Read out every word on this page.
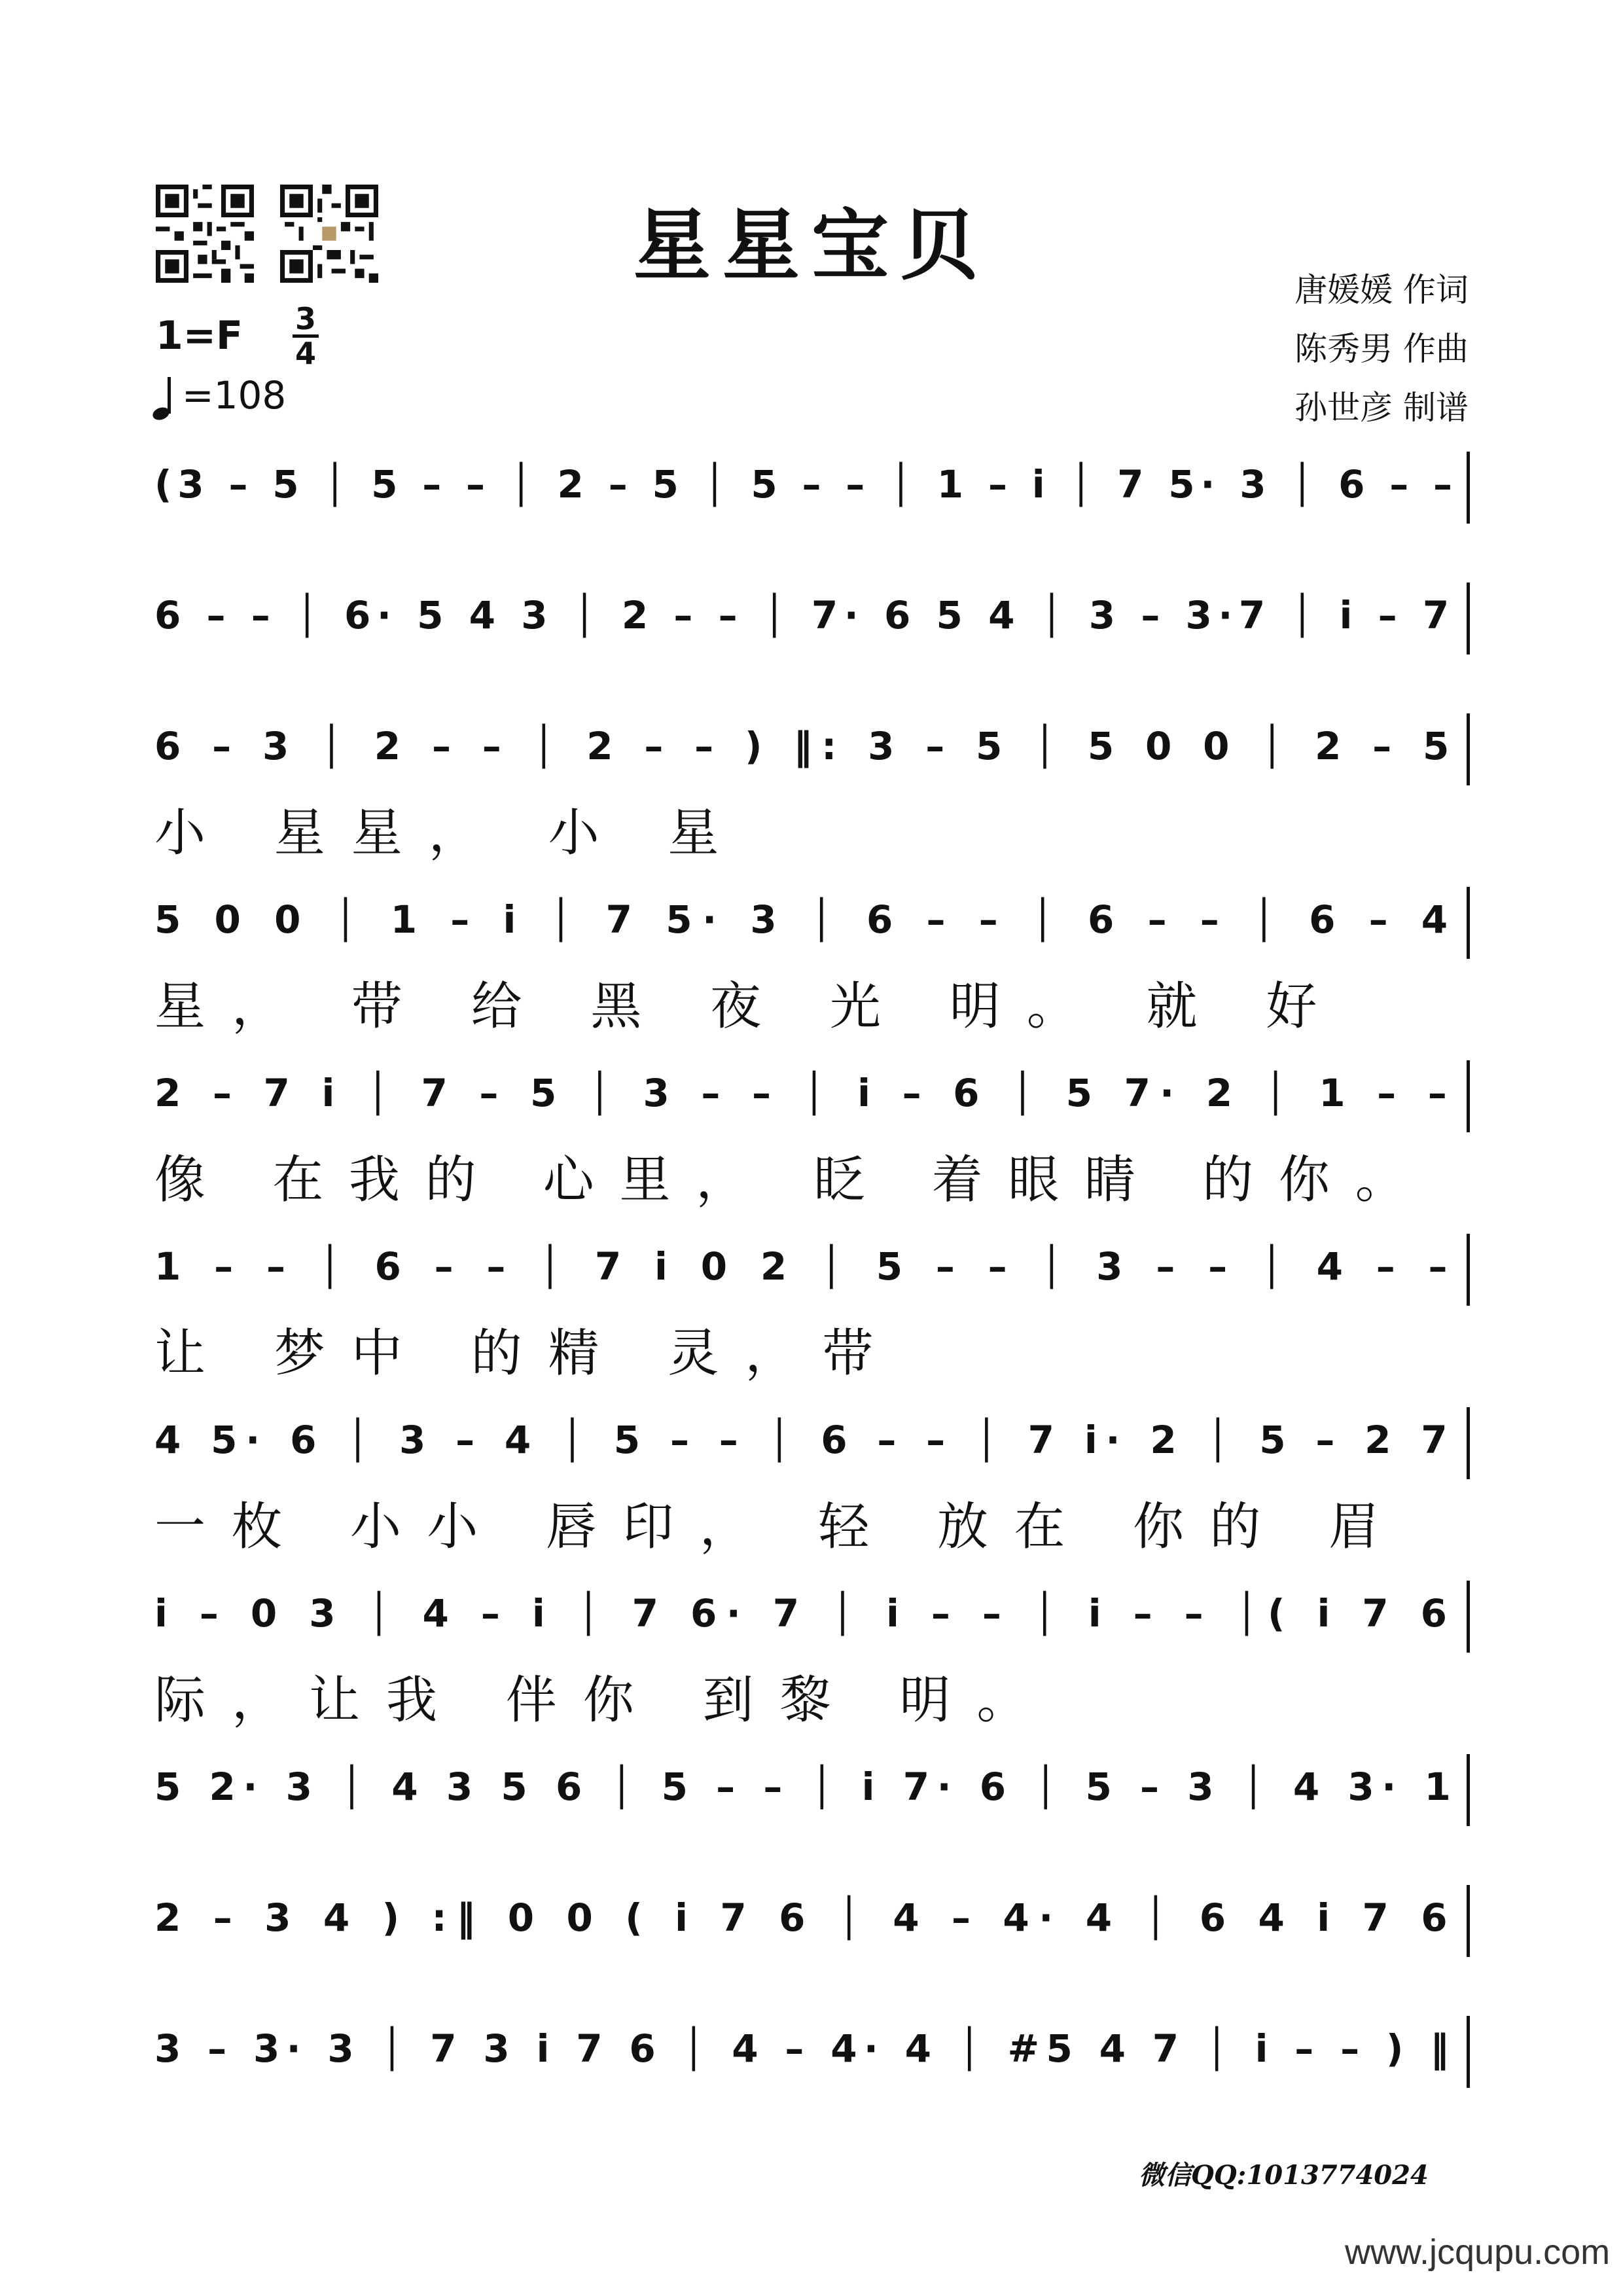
星星宝贝	唐媛媛 作词
陈秀男 作曲
孙世彦 制谱
1=F 3
4
=108
(3 – 5 │ 5 – – │ 2 – 5 │ 5 – – │ 1 – i │ 7 5· 3 │ 6 – –
6 – – │ 6· 5 4 3 │ 2 – – │ 7· 6 5 4 │ 3 – 3·7 │ i – 7
6 – 3 │ 2 – – │ 2 – – ) ‖: 3 – 5 │ 5 0 0 │ 2 – 5
小 星星， 小 星
5 0 0 │ 1 – i │ 7 5· 3 │ 6 – – │ 6 – – │ 6 – 4
星， 带 给 黑 夜 光 明。 就 好
2 – 7 i │ 7 – 5 │ 3 – – │ i – 6 │ 5 7· 2 │ 1 – –
像 在我的 心里， 眨 着眼睛 的你。
1 – – │ 6 – – │ 7 i 0 2 │ 5 – – │ 3 – – │ 4 – –
让 梦中 的精 灵，带
4 5· 6 │ 3 – 4 │ 5 – – │ 6 – – │ 7 i· 2 │ 5 – 2 7
一枚 小小 唇印， 轻 放在 你的 眉
i – 0 3 │ 4 – i │ 7 6· 7 │ i – – │ i – – │( i 7 6
际，让我 伴你 到黎 明。
5 2· 3 │ 4 3 5 6 │ 5 – – │ i 7· 6 │ 5 – 3 │ 4 3· 1
2 – 3 4 ) :‖ 0 0 ( i 7 6 │ 4 – 4· 4 │ 6 4 i 7 6
3 – 3· 3 │ 7 3 i 7 6 │ 4 – 4· 4 │ #5 4 7 │ i – – ) ‖
微信QQ:1013774024
www.jcqupu.com
